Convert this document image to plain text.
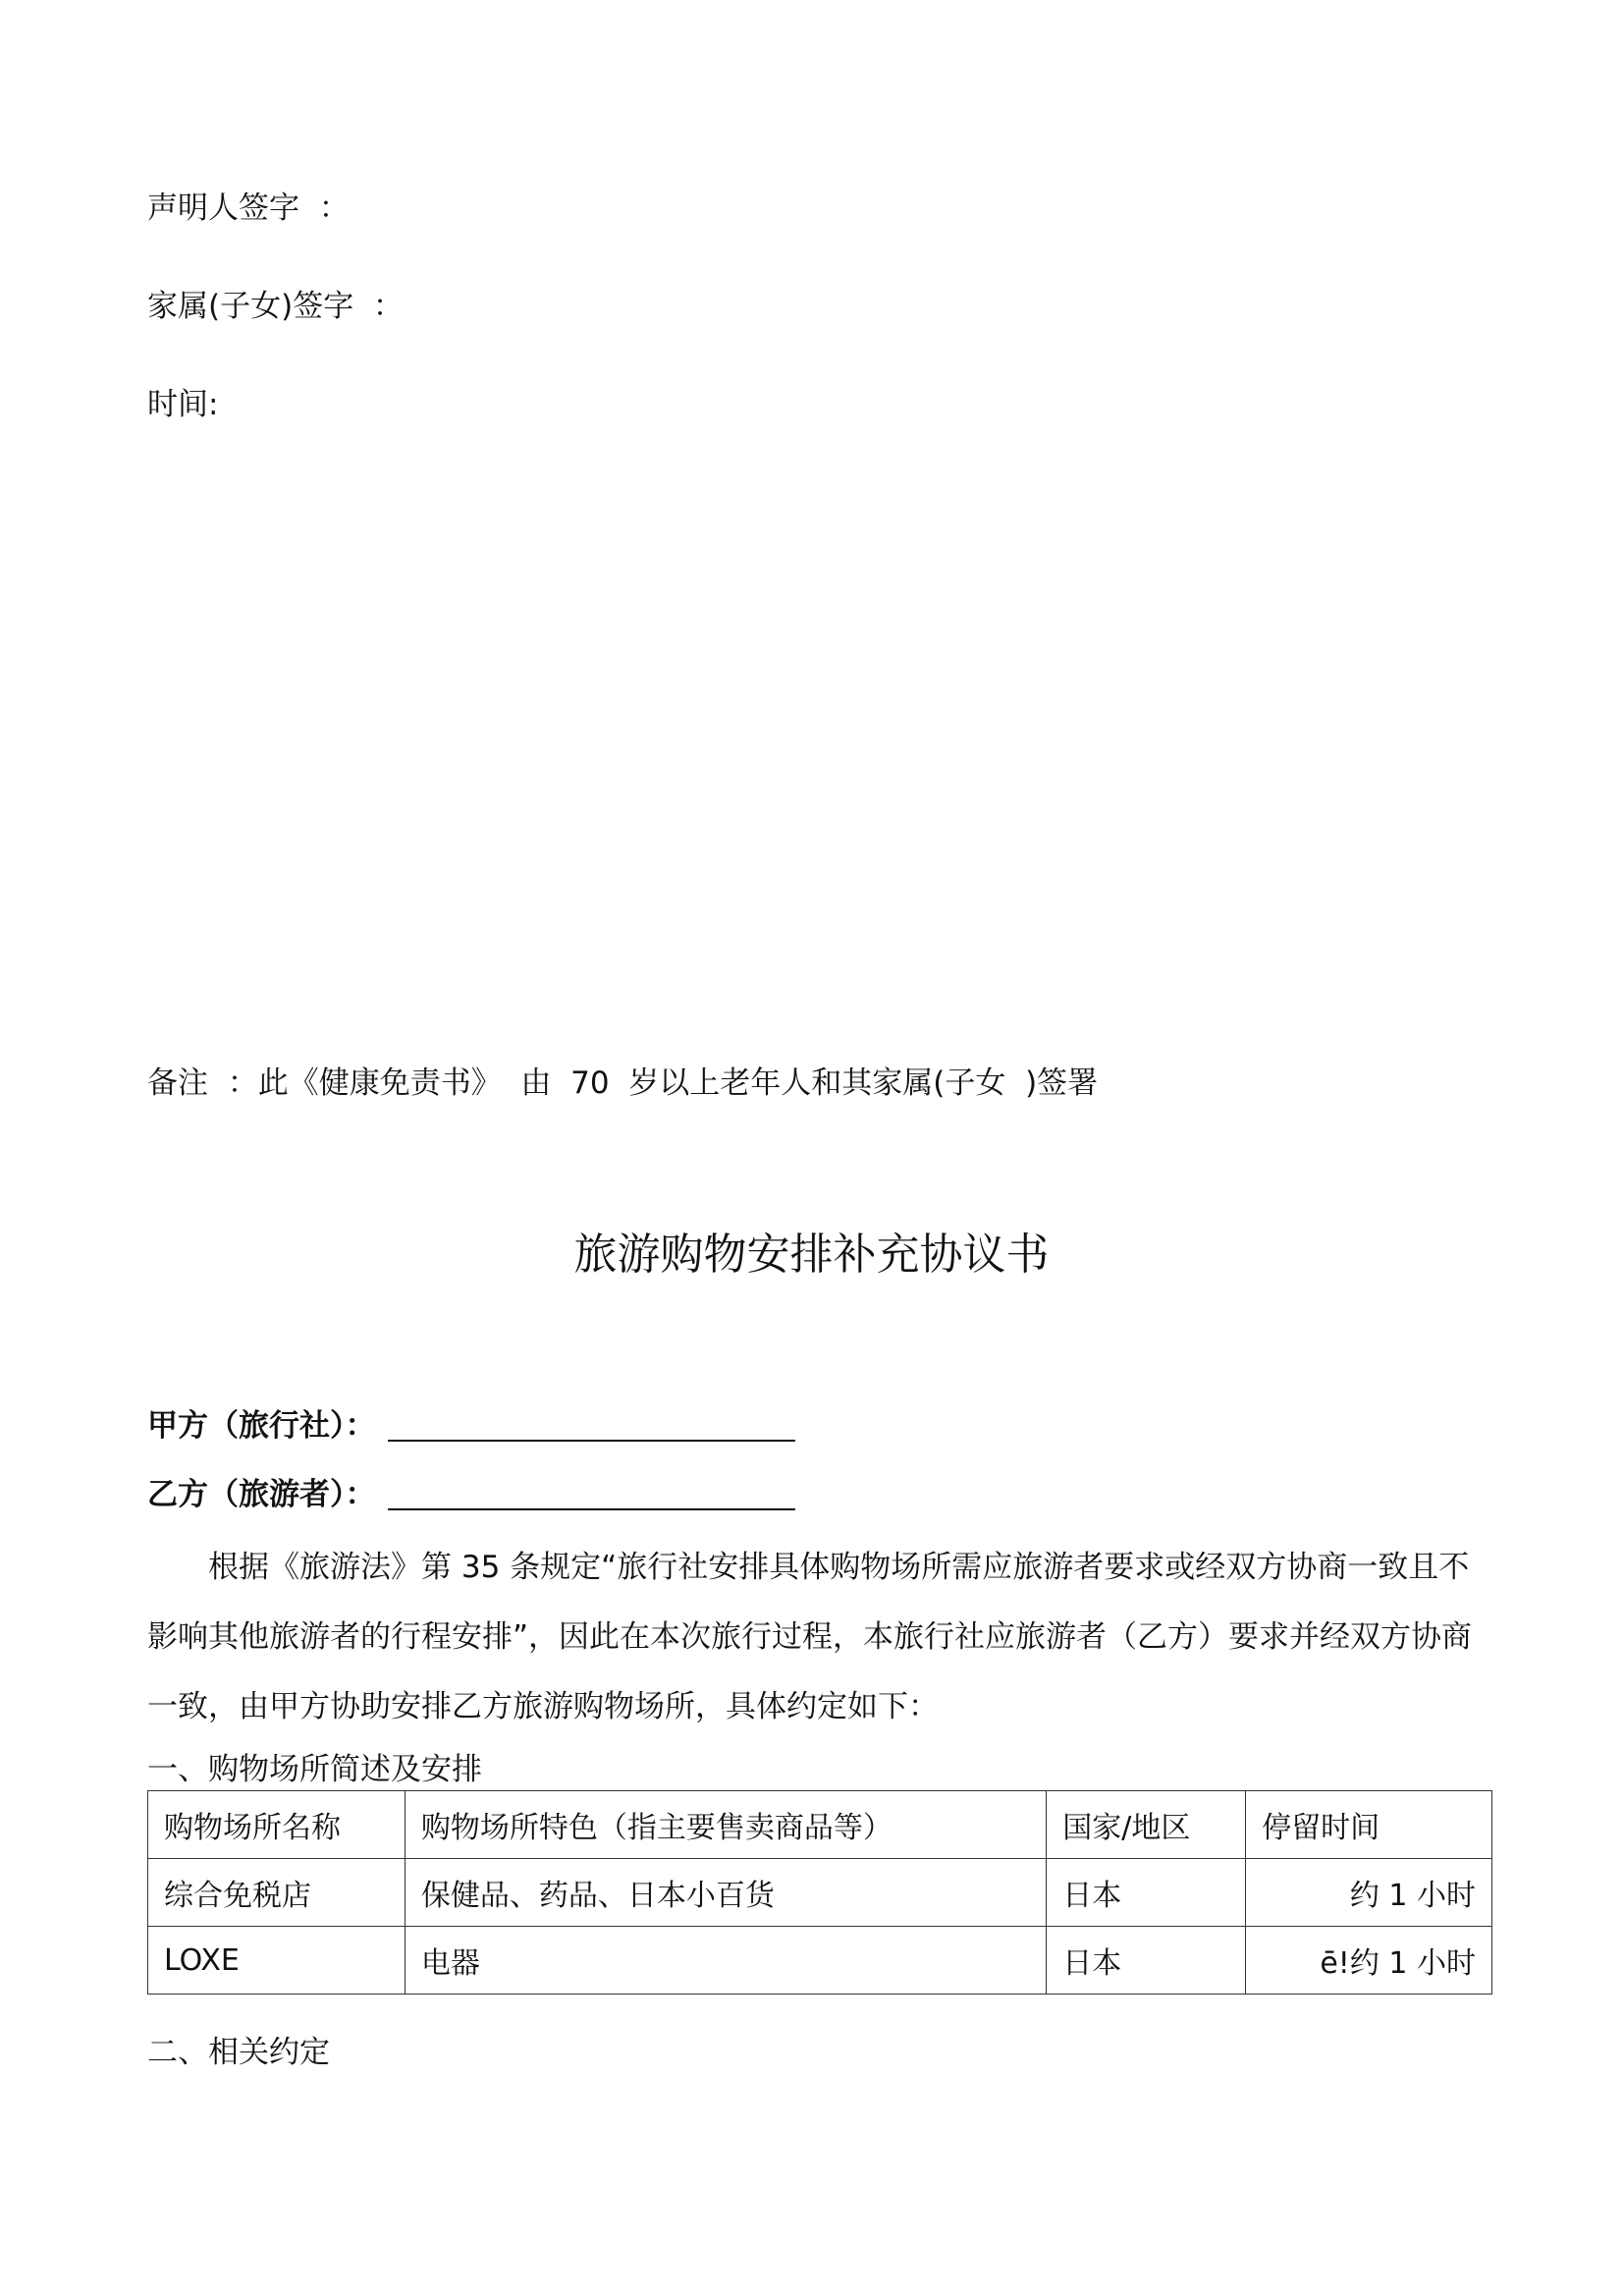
声明人签字  ：
家属(子女)签字  ：
时间:
备注  ：此《健康免责书》  由  70  岁以上老年人和其家属(子女  )签署
旅游购物安排补充协议书
甲方（旅行社）：
乙方（旅游者）：
根据《旅游法》第 35 条规定“旅行社安排具体购物场所需应旅游者要求或经双方协商一致且不
影响其他旅游者的行程安排”，因此在本次旅行过程，本旅行社应旅游者（乙方）要求并经双方协商
一致，由甲方协助安排乙方旅游购物场所，具体约定如下：
一、购物场所简述及安排
购物场所名称	购物场所特色（指主要售卖商品等）	国家/地区	停留时间
综合免税店	保健品、药品、日本小百货	日本	约 1 小时
LOXE	电器	日本	ē!约 1 小时
二、相关约定
